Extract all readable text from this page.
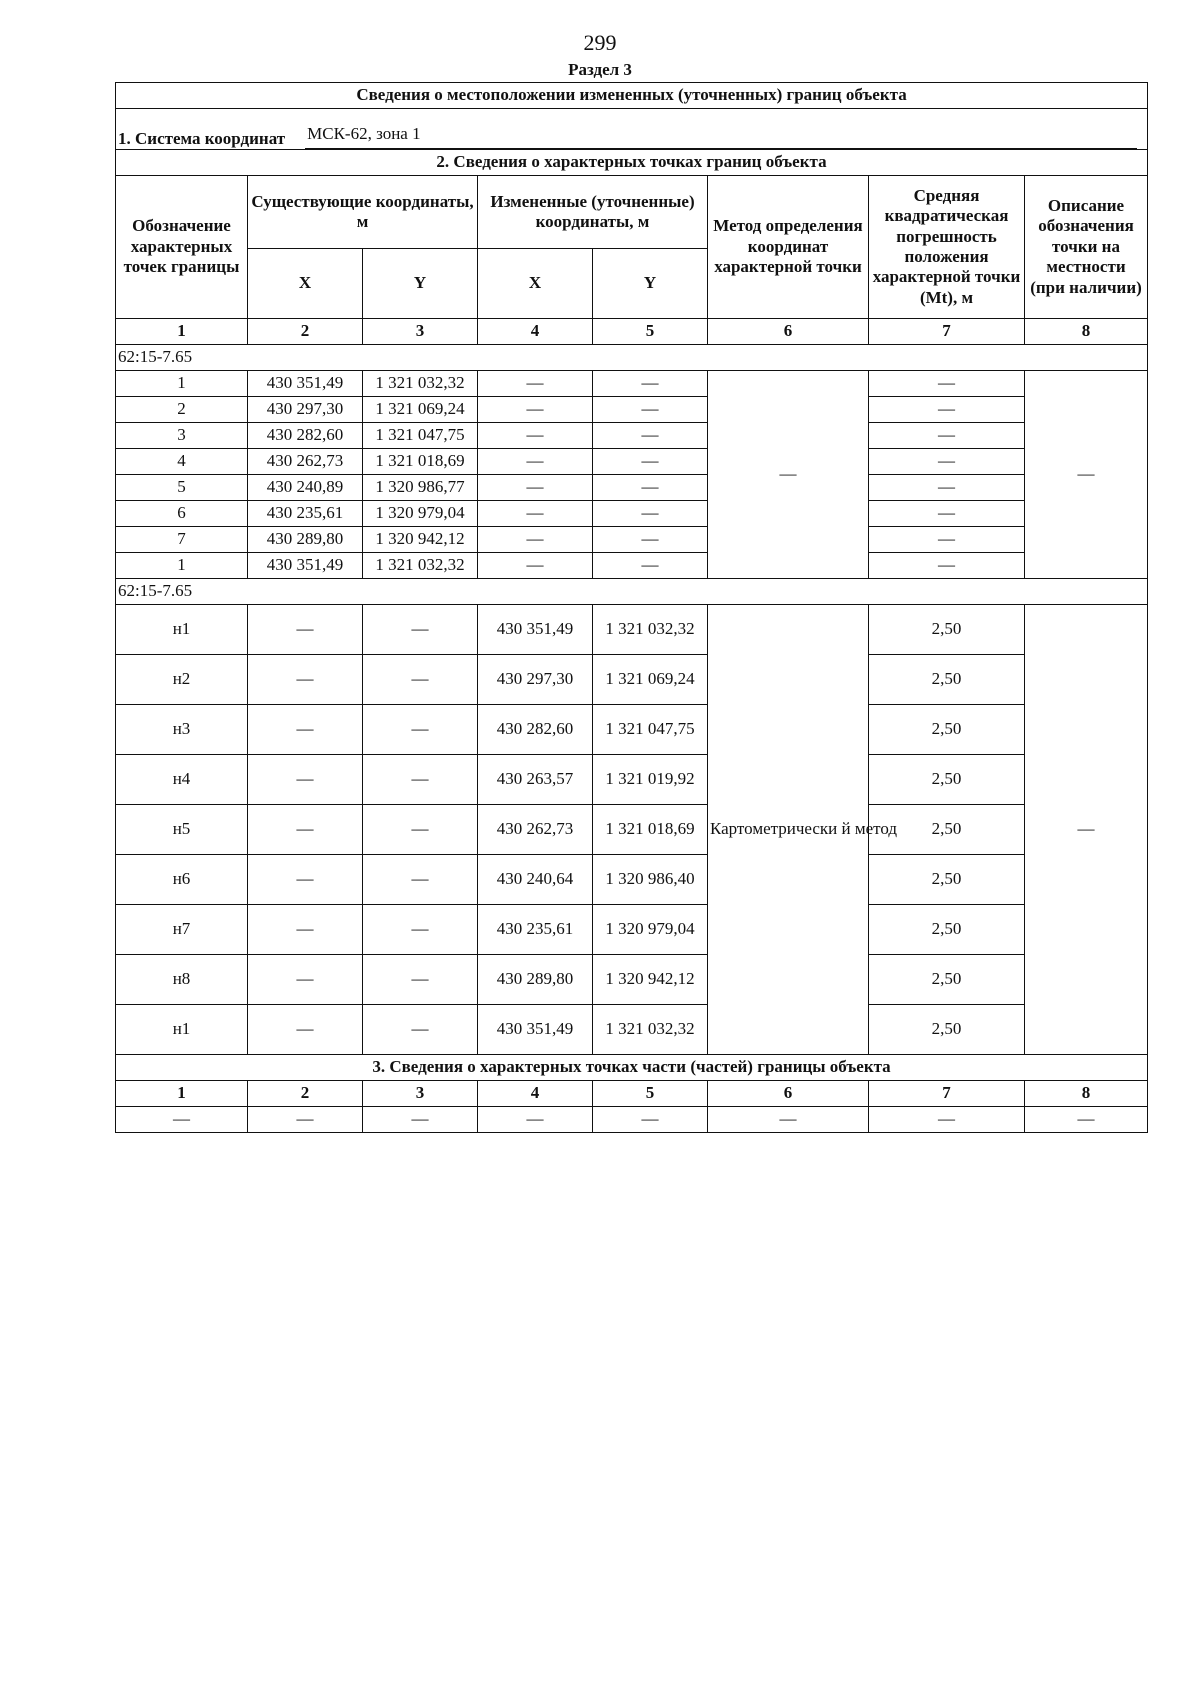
299
Раздел 3
Сведения о местоположении измененных (уточненных) границ объекта							

1. Система координат МСК-62, зона 1							

2. Сведения о характерных точках границ объекта							
Обозначение характерных точек границы	Существующие координаты, м		Измененные (уточненные) координаты, м		Метод определения координат характерной точки	Средняя квадратическая погрешность положения характерной точки (Mt), м	Описание обозначения точки на местности (при наличии)
	X	Y	X	Y			
1	2	3	4	5	6	7	8
62:15-7.65							
1	430 351,49	1 321 032,32	—	—	—	—	—
2	430 297,30	1 321 069,24	—	—		—	
3	430 282,60	1 321 047,75	—	—		—	
4	430 262,73	1 321 018,69	—	—		—	
5	430 240,89	1 320 986,77	—	—		—	
6	430 235,61	1 320 979,04	—	—		—	
7	430 289,80	1 320 942,12	—	—		—	
1	430 351,49	1 321 032,32	—	—		—	
62:15-7.65							
н1	—	—	430 351,49	1 321 032,32	Картометрически й метод	2,50	—
н2	—	—	430 297,30	1 321 069,24		2,50	
н3	—	—	430 282,60	1 321 047,75		2,50	
н4	—	—	430 263,57	1 321 019,92		2,50	
н5	—	—	430 262,73	1 321 018,69		2,50	
н6	—	—	430 240,64	1 320 986,40		2,50	
н7	—	—	430 235,61	1 320 979,04		2,50	
н8	—	—	430 289,80	1 320 942,12		2,50	
н1	—	—	430 351,49	1 321 032,32		2,50	
3. Сведения о характерных точках части (частей) границы объекта							
1	2	3	4	5	6	7	8
—	—	—	—	—	—	—	—
